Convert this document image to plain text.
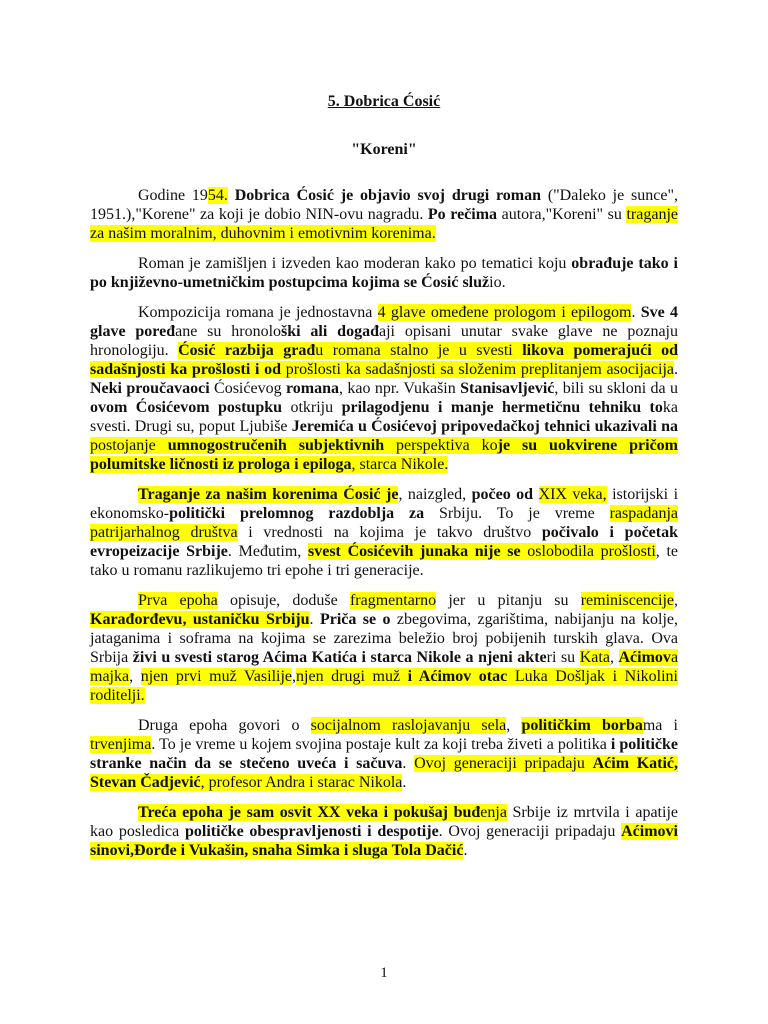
5. Dobrica Ćosić
"Koreni"

Godine 1954. Dobrica Ćosić je objavio svoj drugi roman ("Daleko je sunce", 1951.),"Korene" za koji je dobio NIN-ovu nagradu. Po rečima autora,"Koreni" su traganje za našim moralnim, duhovnim i emotivnim korenima.

Roman je zamišljen i izveden kao moderan kako po tematici koju obrađuje tako i po književno-umetničkim postupcima kojima se Ćosić služio.

Kompozicija romana je jednostavna 4 glave omeđene prologom i epilogom. Sve 4 glave poređane su hronološki ali događaji opisani unutar svake glave ne poznaju hronologiju. Ćosić razbija građu romana stalno je u svesti likova pomerajući od sadašnjosti ka prošlosti i od prošlosti ka sadašnjosti sa složenim preplitanjem asocijacija. Neki proučavaoci Ćosićevog romana, kao npr. Vukašin Stanisavljević, bili su skloni da u ovom Ćosićevom postupku otkriju prilagodjenu i manje hermetičnu tehniku toka svesti. Drugi su, poput Ljubiše Jeremića u Ćosićevoj pripovedačkoj tehnici ukazivali na postojanje umnogostručenih subjektivnih perspektiva koje su uokvirene pričom polumitske ličnosti iz prologa i epiloga, starca Nikole.

Traganje za našim korenima Ćosić je, naizgled, počeo od XIX veka, istorijski i ekonomsko-politički prelomnog razdoblja za Srbiju. To je vreme raspadanja patrijarhalnog društva i vrednosti na kojima je takvo društvo počivalo i početak evropeizacije Srbije. Međutim, svest Ćosićevih junaka nije se oslobodila prošlosti, te tako u romanu razlikujemo tri epohe i tri generacije.

Prva epoha opisuje, doduše fragmentarno jer u pitanju su reminiscencije, Karađorđevu, ustaničku Srbiju. Priča se o zbegovima, zgarištima, nabijanju na kolje, jataganima i soframa na kojima se zarezima beležio broj pobijenih turskih glava. Ova Srbija živi u svesti starog Aćima Katića i starca Nikole a njeni akteri su Kata, Aćimova majka, njen prvi muž Vasilije,njen drugi muž i Aćimov otac Luka Došljak i Nikolini roditelji.

Druga epoha govori o socijalnom raslojavanju sela, političkim borbama i trvenjima. To je vreme u kojem svojina postaje kult za koji treba živeti a politika i političke stranke način da se stečeno uveća i sačuva. Ovoj generaciji pripadaju Aćim Katić, Stevan Čadjević, profesor Andra i starac Nikola.

Treća epoha je sam osvit XX veka i pokušaj buđenja Srbije iz mrtvila i apatije kao posledica političke obespravljenosti i despotije. Ovoj generaciji pripadaju Aćimovi sinovi,Đorđe i Vukašin, snaha Simka i sluga Tola Dačić.

1
